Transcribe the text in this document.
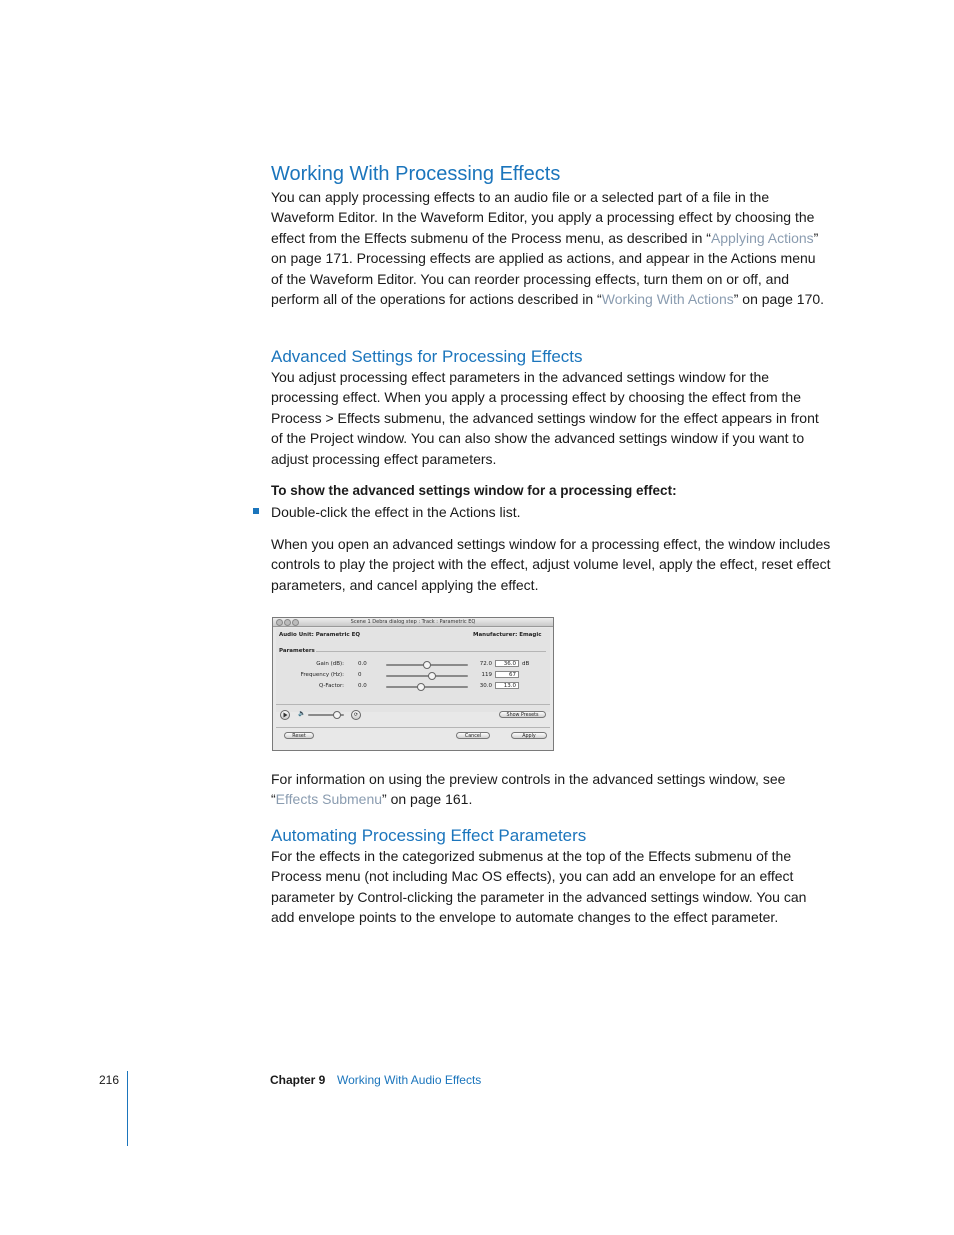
Working With Processing Effects

You can apply processing effects to an audio file or a selected part of a file in the Waveform Editor. In the Waveform Editor, you apply a processing effect by choosing the effect from the Effects submenu of the Process menu, as described in “Applying Actions” on page 171. Processing effects are applied as actions, and appear in the Actions menu of the Waveform Editor. You can reorder processing effects, turn them on or off, and perform all of the operations for actions described in “Working With Actions” on page 170.

Advanced Settings for Processing Effects

You adjust processing effect parameters in the advanced settings window for the processing effect. When you apply a processing effect by choosing the effect from the Process > Effects submenu, the advanced settings window for the effect appears in front of the Project window. You can also show the advanced settings window if you want to adjust processing effect parameters.

To show the advanced settings window for a processing effect:

Double-click the effect in the Actions list.

When you open an advanced settings window for a processing effect, the window includes controls to play the project with the effect, adjust volume level, apply the effect, reset effect parameters, and cancel applying the effect.

Scene 1 Debra dialog step : Track : Parametric EQ
Audio Unit: Parametric EQ	Manufacturer: Emagic
Parameters
Gain (dB):	0.0	72.0	36.0	dB
Frequency (Hz):	0	119	67
Q-Factor:	0.0	30.0	13.0
🔈	⟳	Show Presets
Reset	Cancel	Apply

For information on using the preview controls in the advanced settings window, see “Effects Submenu” on page 161.

Automating Processing Effect Parameters

For the effects in the categorized submenus at the top of the Effects submenu of the Process menu (not including Mac OS effects), you can add an envelope for an effect parameter by Control-clicking the parameter in the advanced settings window. You can add envelope points to the envelope to automate changes to the effect parameter.

216	Chapter 9 Working With Audio Effects
